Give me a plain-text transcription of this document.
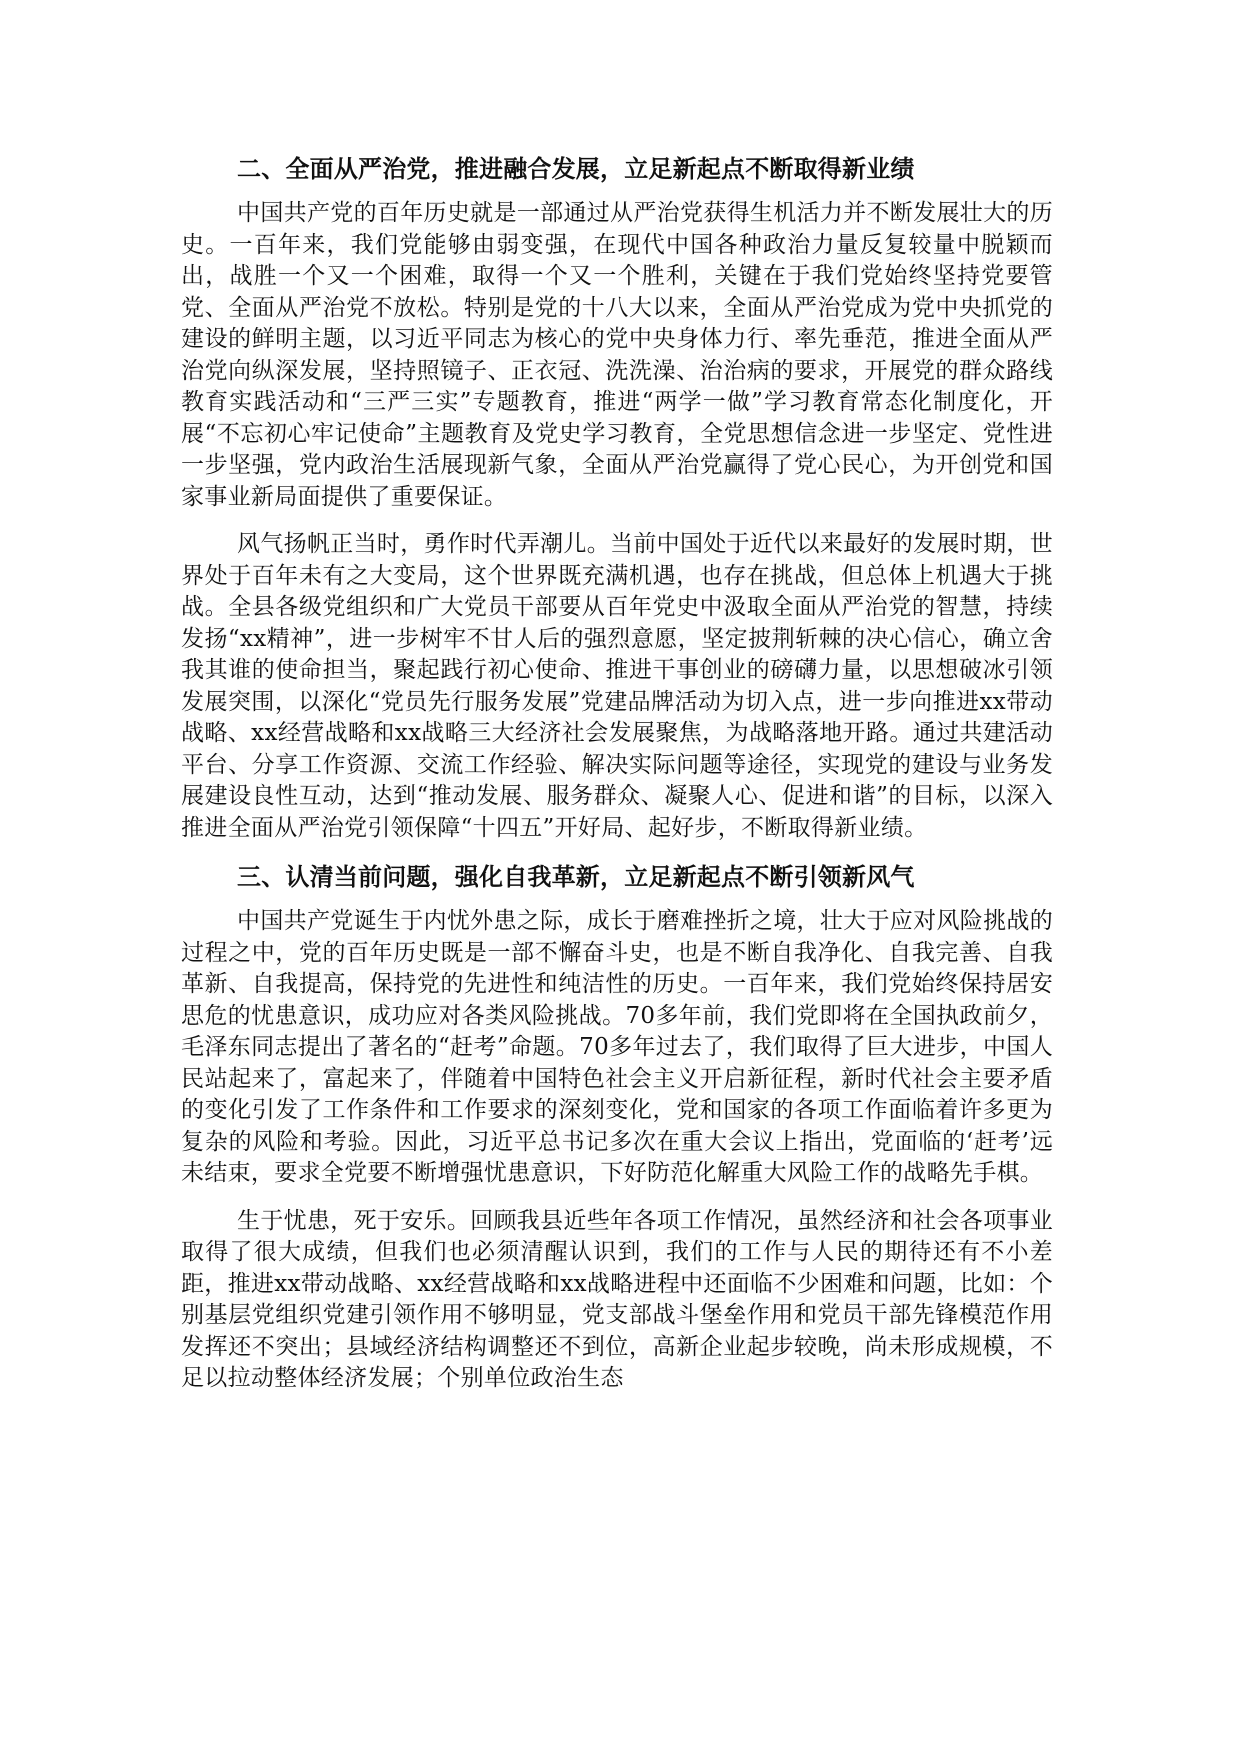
二、全面从严治党，推进融合发展，立足新起点不断取得新业绩

中国共产党的百年历史就是一部通过从严治党获得生机活力并不断发展壮大的历史。一百年来，我们党能够由弱变强，在现代中国各种政治力量反复较量中脱颖而出，战胜一个又一个困难，取得一个又一个胜利，关键在于我们党始终坚持党要管党、全面从严治党不放松。特别是党的十八大以来，全面从严治党成为党中央抓党的建设的鲜明主题，以习近平同志为核心的党中央身体力行、率先垂范，推进全面从严治党向纵深发展，坚持照镜子、正衣冠、洗洗澡、治治病的要求，开展党的群众路线教育实践活动和“三严三实”专题教育，推进“两学一做”学习教育常态化制度化，开展“不忘初心牢记使命”主题教育及党史学习教育，全党思想信念进一步坚定、党性进一步坚强，党内政治生活展现新气象，全面从严治党赢得了党心民心，为开创党和国家事业新局面提供了重要保证。

风气扬帆正当时，勇作时代弄潮儿。当前中国处于近代以来最好的发展时期，世界处于百年未有之大变局，这个世界既充满机遇，也存在挑战，但总体上机遇大于挑战。全县各级党组织和广大党员干部要从百年党史中汲取全面从严治党的智慧，持续发扬“xx精神”，进一步树牢不甘人后的强烈意愿，坚定披荆斩棘的决心信心，确立舍我其谁的使命担当，聚起践行初心使命、推进干事创业的磅礴力量，以思想破冰引领发展突围，以深化“党员先行服务发展”党建品牌活动为切入点，进一步向推进xx带动战略、xx经营战略和xx战略三大经济社会发展聚焦，为战略落地开路。通过共建活动平台、分享工作资源、交流工作经验、解决实际问题等途径，实现党的建设与业务发展建设良性互动，达到“推动发展、服务群众、凝聚人心、促进和谐”的目标，以深入推进全面从严治党引领保障“十四五”开好局、起好步，不断取得新业绩。

三、认清当前问题，强化自我革新，立足新起点不断引领新风气

中国共产党诞生于内忧外患之际，成长于磨难挫折之境，壮大于应对风险挑战的过程之中，党的百年历史既是一部不懈奋斗史，也是不断自我净化、自我完善、自我革新、自我提高，保持党的先进性和纯洁性的历史。一百年来，我们党始终保持居安思危的忧患意识，成功应对各类风险挑战。70多年前，我们党即将在全国执政前夕，毛泽东同志提出了著名的“赶考”命题。70多年过去了，我们取得了巨大进步，中国人民站起来了，富起来了，伴随着中国特色社会主义开启新征程，新时代社会主要矛盾的变化引发了工作条件和工作要求的深刻变化，党和国家的各项工作面临着许多更为复杂的风险和考验。因此，习近平总书记多次在重大会议上指出，党面临的‘赶考’远未结束，要求全党要不断增强忧患意识，下好防范化解重大风险工作的战略先手棋。

生于忧患，死于安乐。回顾我县近些年各项工作情况，虽然经济和社会各项事业取得了很大成绩，但我们也必须清醒认识到，我们的工作与人民的期待还有不小差距，推进xx带动战略、xx经营战略和xx战略进程中还面临不少困难和问题，比如：个别基层党组织党建引领作用不够明显，党支部战斗堡垒作用和党员干部先锋模范作用发挥还不突出；县域经济结构调整还不到位，高新企业起步较晚，尚未形成规模，不足以拉动整体经济发展；个别单位政治生态
